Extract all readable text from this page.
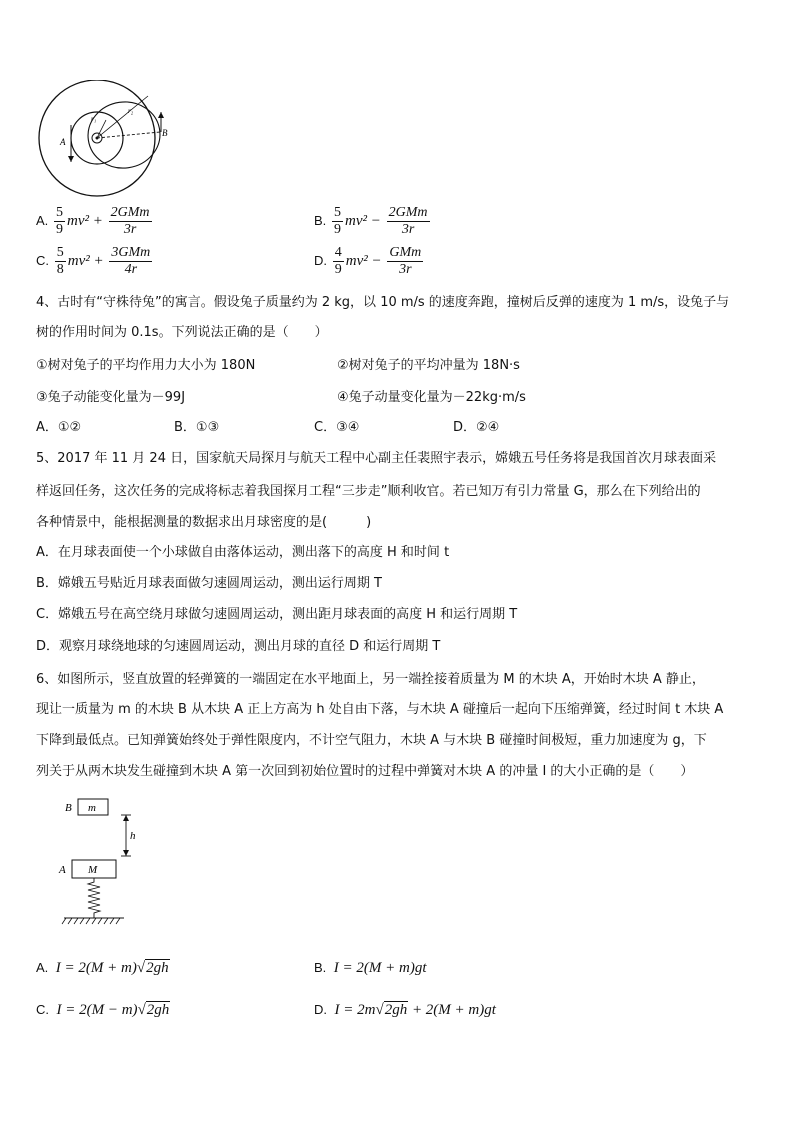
r₁
r₂
A
B
A. $\frac{5}{9} mv^2 + \frac{\text{2GMm}}{3r}$	B. $\frac{5}{9} mv^2 - \frac{\text{2GMm}}{3r}$
C. $\frac{5}{8} mv^2 + \frac{\text{3GMm}}{4r}$	D. $\frac{4}{9} mv^2 - \frac{\text{GMm}}{3r}$
4、古时有“守株待兔”的寓言。假设兔子质量约为 2 kg，以 10 m/s 的速度奔跑，撞树后反弹的速度为 1 m/s，设兔子与
树的作用时间为 0.1s。下列说法正确的是（　　）
①树对兔子的平均作用力大小为 180N	②树对兔子的平均冲量为 18N·s
③兔子动能变化量为－99J	④兔子动量变化量为－22kg·m/s
A．①②	B．①③	C．③④	D．②④
5、2017 年 11 月 24 日，国家航天局探月与航天工程中心副主任裴照宇表示，嫦娥五号任务将是我国首次月球表面采
样返回任务，这次任务的完成将标志着我国探月工程“三步走”顺利收官。若已知万有引力常量 G，那么在下列给出的
各种情景中，能根据测量的数据求出月球密度的是(　　　)
A．在月球表面使一个小球做自由落体运动，测出落下的高度 H 和时间 t
B．嫦娥五号贴近月球表面做匀速圆周运动，测出运行周期 T
C．嫦娥五号在高空绕月球做匀速圆周运动，测出距月球表面的高度 H 和运行周期 T
D．观察月球绕地球的匀速圆周运动，测出月球的直径 D 和运行周期 T
6、如图所示，竖直放置的轻弹簧的一端固定在水平地面上，另一端拴接着质量为 M 的木块 A，开始时木块 A 静止，
现让一质量为 m 的木块 B 从木块 A 正上方高为 h 处自由下落，与木块 A 碰撞后一起向下压缩弹簧，经过时间 t 木块 A
下降到最低点。已知弹簧始终处于弹性限度内，不计空气阻力，木块 A 与木块 B 碰撞时间极短，重力加速度为 g，下
列关于从两木块发生碰撞到木块 A 第一次回到初始位置时的过程中弹簧对木块 A 的冲量 I 的大小正确的是（　　）
B m
h
A M
A. I = 2(M + m)√2gh	B. I = 2(M + m)gt
C. I = 2(M − m)√2gh	D. I = 2m√2gh + 2(M + m)gt
